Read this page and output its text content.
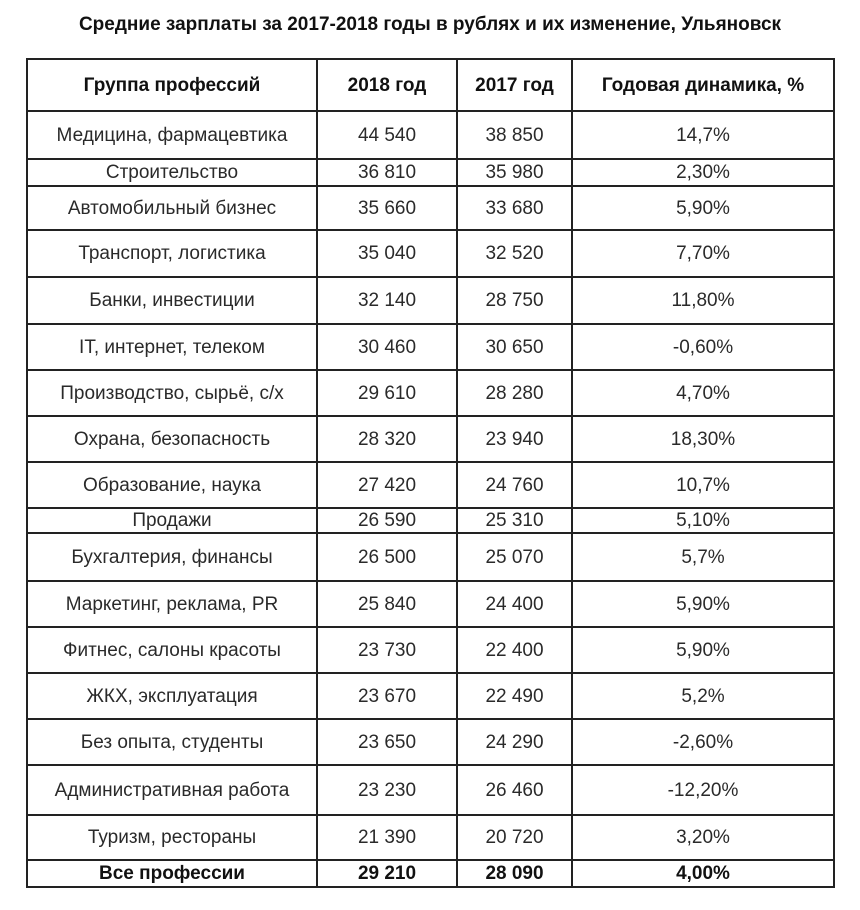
Средние зарплаты за 2017-2018 годы в рублях и их изменение, Ульяновск
Группа профессий	2018 год	2017 год	Годовая динамика, %
Медицина, фармацевтика	44 540	38 850	14,7%
Строительство	36 810	35 980	2,30%
Автомобильный бизнес	35 660	33 680	5,90%
Транспорт, логистика	35 040	32 520	7,70%
Банки, инвестиции	32 140	28 750	11,80%
IT, интернет, телеком	30 460	30 650	-0,60%
Производство, сырьё, с/х	29 610	28 280	4,70%
Охрана, безопасность	28 320	23 940	18,30%
Образование, наука	27 420	24 760	10,7%
Продажи	26 590	25 310	5,10%
Бухгалтерия, финансы	26 500	25 070	5,7%
Маркетинг, реклама, PR	25 840	24 400	5,90%
Фитнес, салоны красоты	23 730	22 400	5,90%
ЖКХ, эксплуатация	23 670	22 490	5,2%
Без опыта, студенты	23 650	24 290	-2,60%
Административная работа	23 230	26 460	-12,20%
Туризм, рестораны	21 390	20 720	3,20%
Все профессии	29 210	28 090	4,00%
